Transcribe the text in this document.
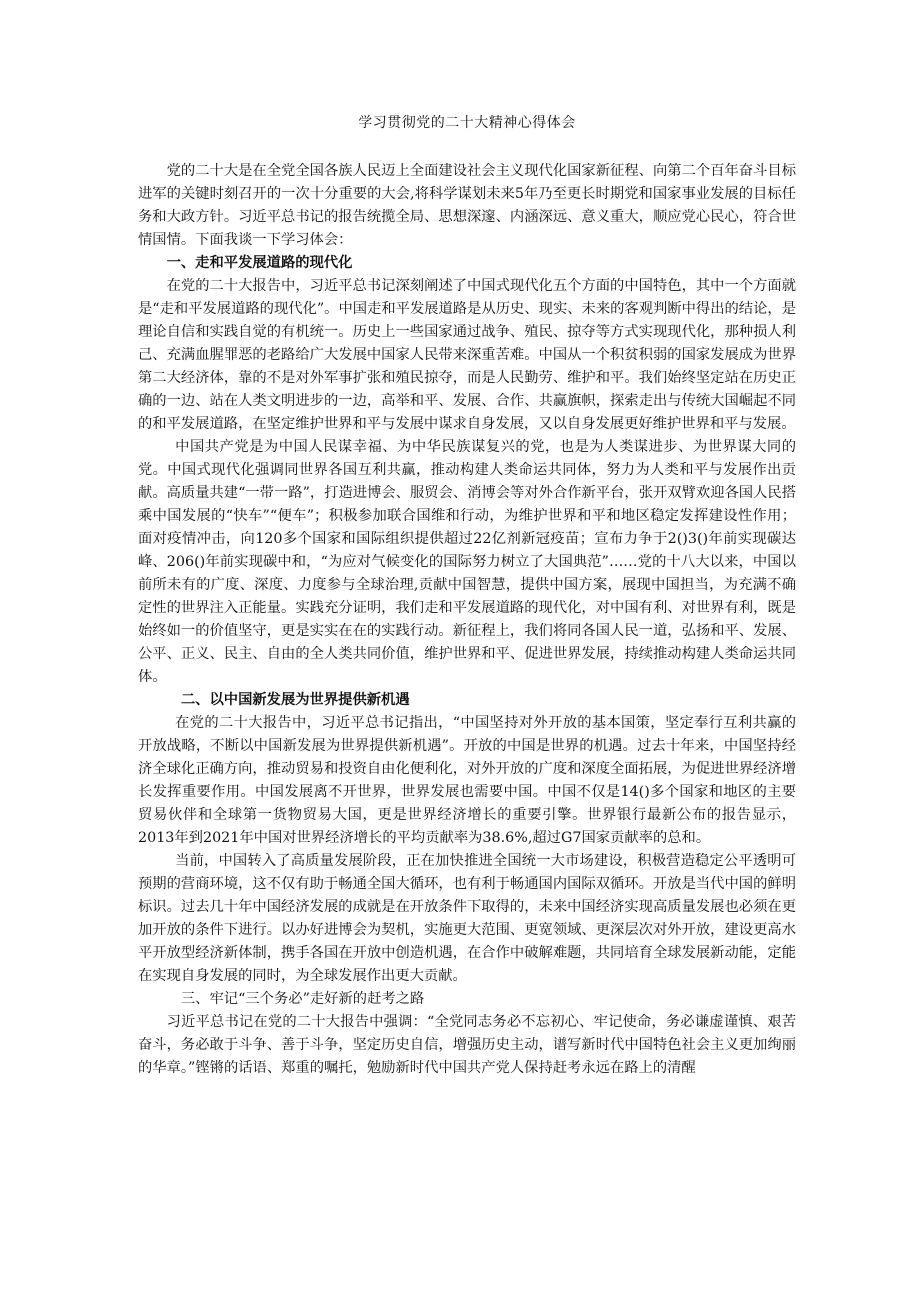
学习贯彻党的二十大精神心得体会

党的二十大是在全党全国各族人民迈上全面建设社会主义现代化国家新征程、向第二个百年奋斗目标进军的关键时刻召开的一次十分重要的大会,将科学谋划未来5年乃至更长时期党和国家事业发展的目标任务和大政方针。习近平总书记的报告统揽全局、思想深邃、内涵深远、意义重大，顺应党心民心，符合世情国情。下面我谈一下学习体会：

一、走和平发展道路的现代化

在党的二十大报告中，习近平总书记深刻阐述了中国式现代化五个方面的中国特色，其中一个方面就是“走和平发展道路的现代化”。中国走和平发展道路是从历史、现实、未来的客观判断中得出的结论，是理论自信和实践自觉的有机统一。历史上一些国家通过战争、殖民、掠夺等方式实现现代化，那种损人利己、充满血腥罪恶的老路给广大发展中国家人民带来深重苦难。中国从一个积贫积弱的国家发展成为世界第二大经济体，靠的不是对外军事扩张和殖民掠夺，而是人民勤劳、维护和平。我们始终坚定站在历史正确的一边、站在人类文明进步的一边，高举和平、发展、合作、共赢旗帜，探索走出与传统大国崛起不同的和平发展道路，在坚定维护世界和平与发展中谋求自身发展，又以自身发展更好维护世界和平与发展。

中国共产党是为中国人民谋幸福、为中华民族谋复兴的党，也是为人类谋进步、为世界谋大同的党。中国式现代化强调同世界各国互利共赢，推动构建人类命运共同体，努力为人类和平与发展作出贡献。高质量共建“一带一路”，打造进博会、服贸会、消博会等对外合作新平台，张开双臂欢迎各国人民搭乘中国发展的“快车”“便车”；积极参加联合国维和行动，为维护世界和平和地区稳定发挥建设性作用；面对疫情冲击，向120多个国家和国际组织提供超过22亿剂新冠疫苗；宣布力争于2()3()年前实现碳达峰、206()年前实现碳中和，“为应对气候变化的国际努力树立了大国典范”……党的十八大以来，中国以前所未有的广度、深度、力度参与全球治理,贡献中国智慧，提供中国方案，展现中国担当，为充满不确定性的世界注入正能量。实践充分证明，我们走和平发展道路的现代化，对中国有利、对世界有利，既是始终如一的价值坚守，更是实实在在的实践行动。新征程上，我们将同各国人民一道，弘扬和平、发展、公平、正义、民主、自由的全人类共同价值，维护世界和平、促进世界发展，持续推动构建人类命运共同体。

二、以中国新发展为世界提供新机遇

在党的二十大报告中，习近平总书记指出，“中国坚持对外开放的基本国策，坚定奉行互利共赢的开放战略，不断以中国新发展为世界提供新机遇”。开放的中国是世界的机遇。过去十年来，中国坚持经济全球化正确方向，推动贸易和投资自由化便利化，对外开放的广度和深度全面拓展，为促进世界经济增长发挥重要作用。中国发展离不开世界，世界发展也需要中国。中国不仅是14()多个国家和地区的主要贸易伙伴和全球第一货物贸易大国，更是世界经济增长的重要引擎。世界银行最新公布的报告显示，2013年到2021年中国对世界经济增长的平均贡献率为38.6%,超过G7国家贡献率的总和。

当前，中国转入了高质量发展阶段，正在加快推进全国统一大市场建设，积极营造稳定公平透明可预期的营商环境，这不仅有助于畅通全国大循环，也有利于畅通国内国际双循环。开放是当代中国的鲜明标识。过去几十年中国经济发展的成就是在开放条件下取得的，未来中国经济实现高质量发展也必须在更加开放的条件下进行。以办好进博会为契机，实施更大范围、更宽领域、更深层次对外开放，建设更高水平开放型经济新体制，携手各国在开放中创造机遇，在合作中破解难题，共同培育全球发展新动能，定能在实现自身发展的同时，为全球发展作出更大贡献。

三、牢记“三个务必”走好新的赶考之路

习近平总书记在党的二十大报告中强调：“全党同志务必不忘初心、牢记使命，务必谦虚谨慎、艰苦奋斗，务必敢于斗争、善于斗争，坚定历史自信，增强历史主动，谱写新时代中国特色社会主义更加绚丽的华章。”铿锵的话语、郑重的嘱托，勉励新时代中国共产党人保持赶考永远在路上的清醒
